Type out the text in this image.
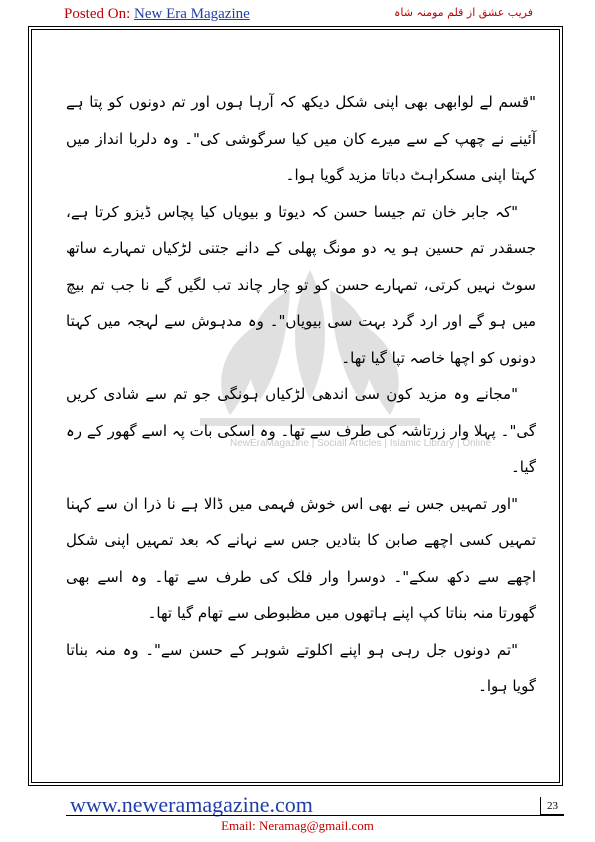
Posted On: New Era Magazine	فریب عشق از قلم مومنہ شاہ
NewEraMagazine | Sociall Articles | Islamic Library | Online

"قسم لے لوابھی بھی اپنی شکل دیکھ کہ آرہا ہوں اور تم دونوں کو پتا ہے آئینے نے چھپ کے سے میرے کان میں کیا سرگوشی کی"۔ وہ دلربا انداز میں کہتا اپنی مسکراہٹ دباتا مزید گویا ہوا۔

"کہ جابر خان تم جیسا حسن کہ دیوتا و بیویاں کیا پچاس ڈیزو کرتا ہے، جسقدر تم حسین ہو یہ دو مونگ پھلی کے دانے جتنی لڑکیاں تمہارے ساتھ سوٹ نہیں کرتی، تمہارے حسن کو تو چار چاند تب لگیں گے نا جب تم بیچ میں ہو گے اور ارد گرد بہت سی بیویاں"۔ وہ مدہوش سے لہجہ میں کہتا دونوں کو اچھا خاصہ تپا گیا تھا۔

"مجانے وہ مزید کون سی اندھی لڑکیاں ہونگی جو تم سے شادی کریں گی"۔ پہلا وار زرتاشہ کی طرف سے تھا۔ وہ اسکی بات پہ اسے گھور کے رہ گیا۔

"اور تمہیں جس نے بھی اس خوش فہمی میں ڈالا ہے نا ذرا ان سے کہنا تمہیں کسی اچھے صابن کا بتادیں جس سے نہانے کہ بعد تمہیں اپنی شکل اچھے سے دکھ سکے"۔ دوسرا وار فلک کی طرف سے تھا۔ وہ اسے بھی گھورتا منہ بناتا کپ اپنے ہاتھوں میں مظبوطی سے تھام گیا تھا۔

"تم دونوں جل رہی ہو اپنے اکلوتے شوہر کے حسن سے"۔ وہ منہ بناتا گویا ہوا۔

www.neweramagazine.com	23
Email: Neramag@gmail.com
